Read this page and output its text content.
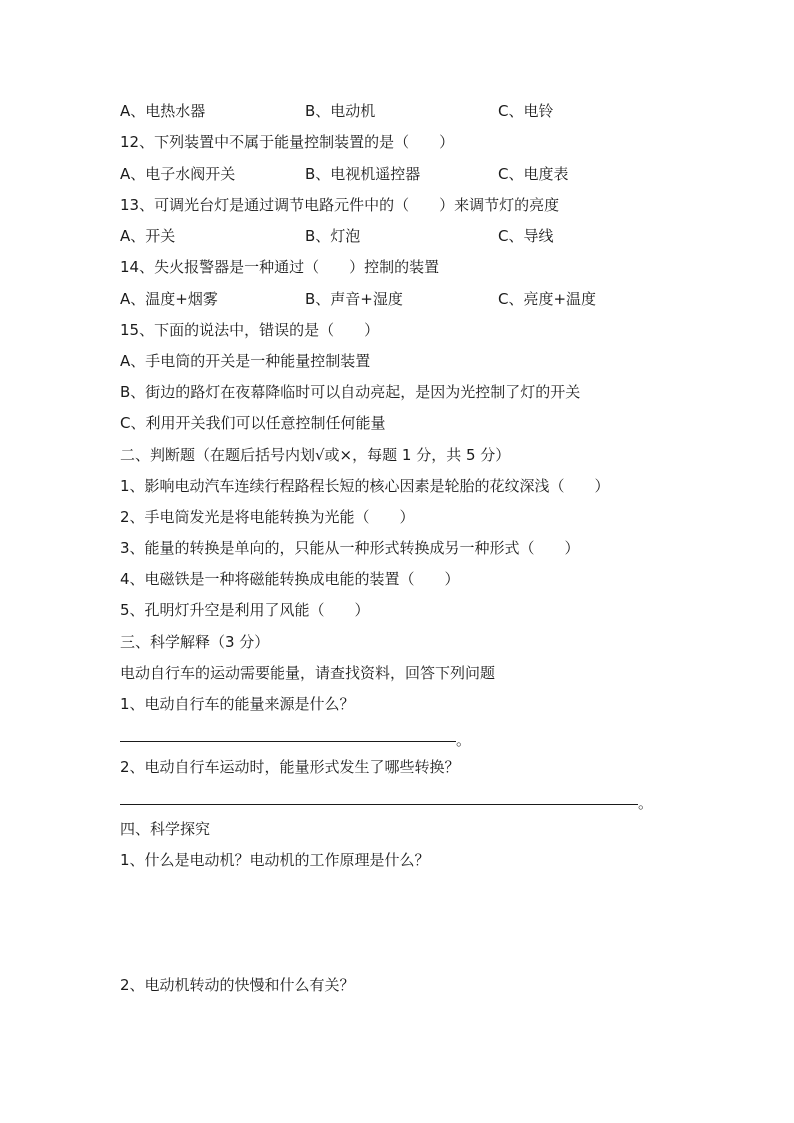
A、电热水器	B、电动机	C、电铃
12、下列装置中不属于能量控制装置的是（　　）
A、电子水阀开关	B、电视机遥控器	C、电度表
13、可调光台灯是通过调节电路元件中的（　　）来调节灯的亮度
A、开关	B、灯泡	C、导线
14、失火报警器是一种通过（　　）控制的装置
A、温度+烟雾	B、声音+湿度	C、亮度+温度
15、下面的说法中，错误的是（　　）
A、手电筒的开关是一种能量控制装置
B、街边的路灯在夜幕降临时可以自动亮起，是因为光控制了灯的开关
C、利用开关我们可以任意控制任何能量
二、判断题（在题后括号内划√或×，每题 1 分，共 5 分）
1、影响电动汽车连续行程路程长短的核心因素是轮胎的花纹深浅（　　）
2、手电筒发光是将电能转换为光能（　　）
3、能量的转换是单向的，只能从一种形式转换成另一种形式（　　）
4、电磁铁是一种将磁能转换成电能的装置（　　）
5、孔明灯升空是利用了风能（　　）
三、科学解释（3 分）
电动自行车的运动需要能量，请查找资料，回答下列问题
1、电动自行车的能量来源是什么？
。
2、电动自行车运动时，能量形式发生了哪些转换？
。
四、科学探究
1、什么是电动机？电动机的工作原理是什么？
2、电动机转动的快慢和什么有关？
